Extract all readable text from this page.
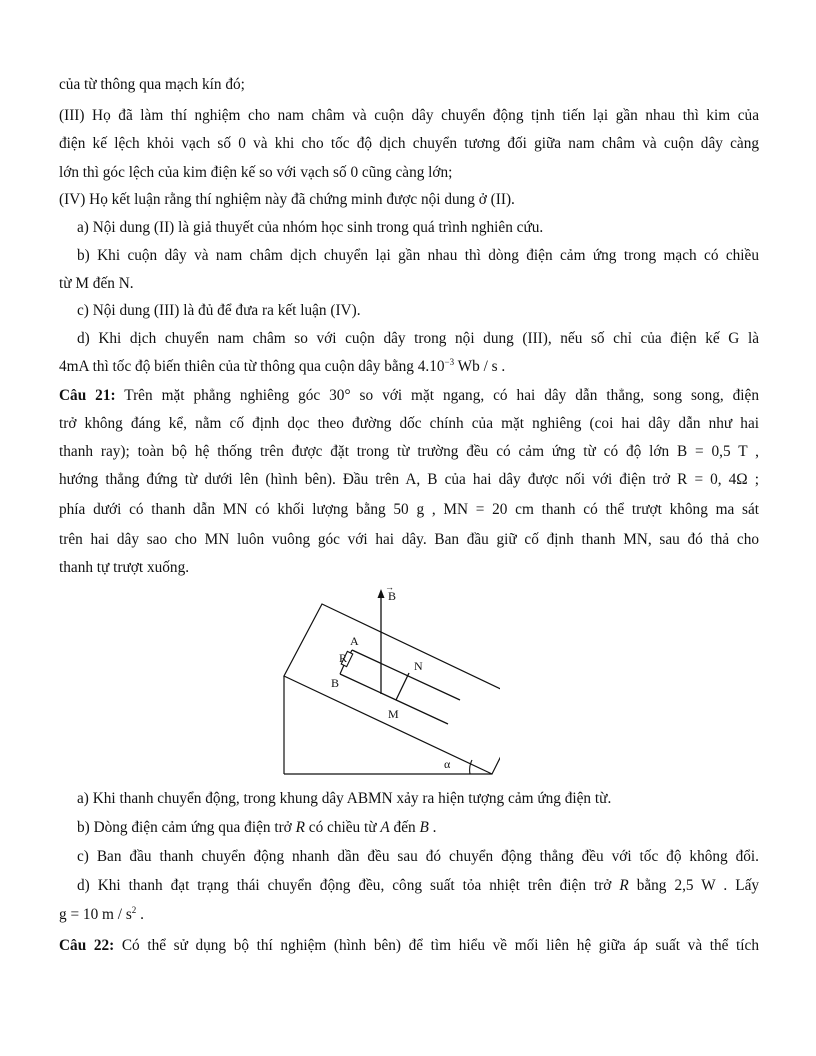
của từ thông qua mạch kín đó;
(III) Họ đã làm thí nghiệm cho nam châm và cuộn dây chuyển động tịnh tiến lại gần nhau thì kim của
điện kế lệch khỏi vạch số 0 và khi cho tốc độ dịch chuyển tương đối giữa nam châm và cuộn dây càng
lớn thì góc lệch của kim điện kế so với vạch số 0 cũng càng lớn;
(IV) Họ kết luận rằng thí nghiệm này đã chứng minh được nội dung ở (II).
a) Nội dung (II) là giả thuyết của nhóm học sinh trong quá trình nghiên cứu.
b) Khi cuộn dây và nam châm dịch chuyển lại gần nhau thì dòng điện cảm ứng trong mạch có chiều
từ M đến N.
c) Nội dung (III) là đủ để đưa ra kết luận (IV).
d) Khi dịch chuyển nam châm so với cuộn dây trong nội dung (III), nếu số chỉ của điện kế G là
4mA thì tốc độ biến thiên của từ thông qua cuộn dây bằng $4.10^{-3}$ Wb / s .
Câu 21: Trên mặt phẳng nghiêng góc 30° so với mặt ngang, có hai dây dẫn thẳng, song song, điện
trở không đáng kể, nằm cố định dọc theo đường dốc chính của mặt nghiêng (coi hai dây dẫn như hai
thanh ray); toàn bộ hệ thống trên được đặt trong từ trường đều có cảm ứng từ có độ lớn B = 0,5 T ,
hướng thẳng đứng từ dưới lên (hình bên). Đầu trên A, B của hai dây được nối với điện trở R = 0, 4Ω ;
phía dưới có thanh dẫn MN có khối lượng bằng 50 g , MN = 20 cm thanh có thể trượt không ma sát
trên hai dây sao cho MN luôn vuông góc với hai dây. Ban đầu giữ cố định thanh MN, sau đó thả cho
thanh tự trượt xuống.
B
→
A
R
B
N
M
α
a) Khi thanh chuyển động, trong khung dây ABMN xảy ra hiện tượng cảm ứng điện từ.
b) Dòng điện cảm ứng qua điện trở R có chiều từ A đến B .
c) Ban đầu thanh chuyển động nhanh dần đều sau đó chuyển động thẳng đều với tốc độ không đổi.
d) Khi thanh đạt trạng thái chuyển động đều, công suất tỏa nhiệt trên điện trở R bằng 2,5 W . Lấy
g = 10 m / $s^2$ .
Câu 22: Có thể sử dụng bộ thí nghiệm (hình bên) để tìm hiểu về mối liên hệ giữa áp suất và thể tích
